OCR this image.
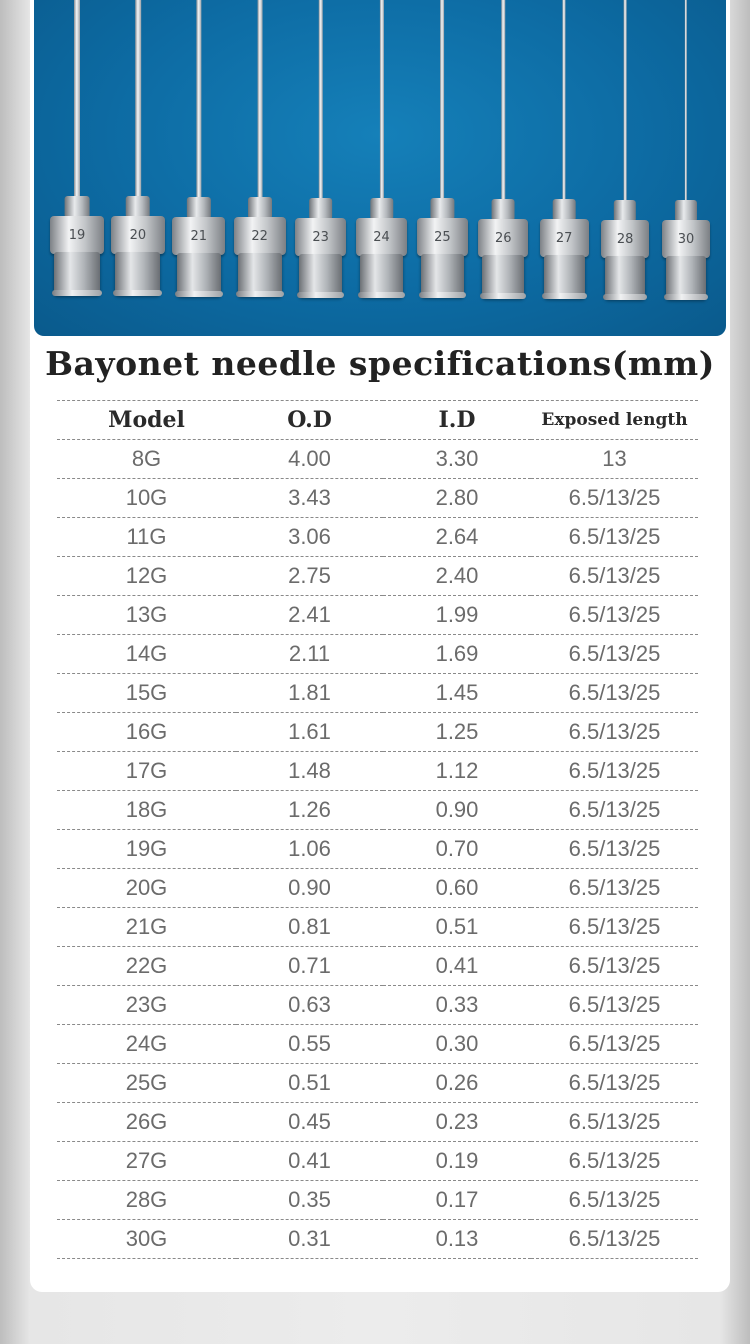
19	20	21	22	23	24	25	26	27	28	30
Bayonet needle specifications(mm)
Model	O.D	I.D	Exposed length
8G	4.00	3.30	13
10G	3.43	2.80	6.5/13/25
11G	3.06	2.64	6.5/13/25
12G	2.75	2.40	6.5/13/25
13G	2.41	1.99	6.5/13/25
14G	2.11	1.69	6.5/13/25
15G	1.81	1.45	6.5/13/25
16G	1.61	1.25	6.5/13/25
17G	1.48	1.12	6.5/13/25
18G	1.26	0.90	6.5/13/25
19G	1.06	0.70	6.5/13/25
20G	0.90	0.60	6.5/13/25
21G	0.81	0.51	6.5/13/25
22G	0.71	0.41	6.5/13/25
23G	0.63	0.33	6.5/13/25
24G	0.55	0.30	6.5/13/25
25G	0.51	0.26	6.5/13/25
26G	0.45	0.23	6.5/13/25
27G	0.41	0.19	6.5/13/25
28G	0.35	0.17	6.5/13/25
30G	0.31	0.13	6.5/13/25
